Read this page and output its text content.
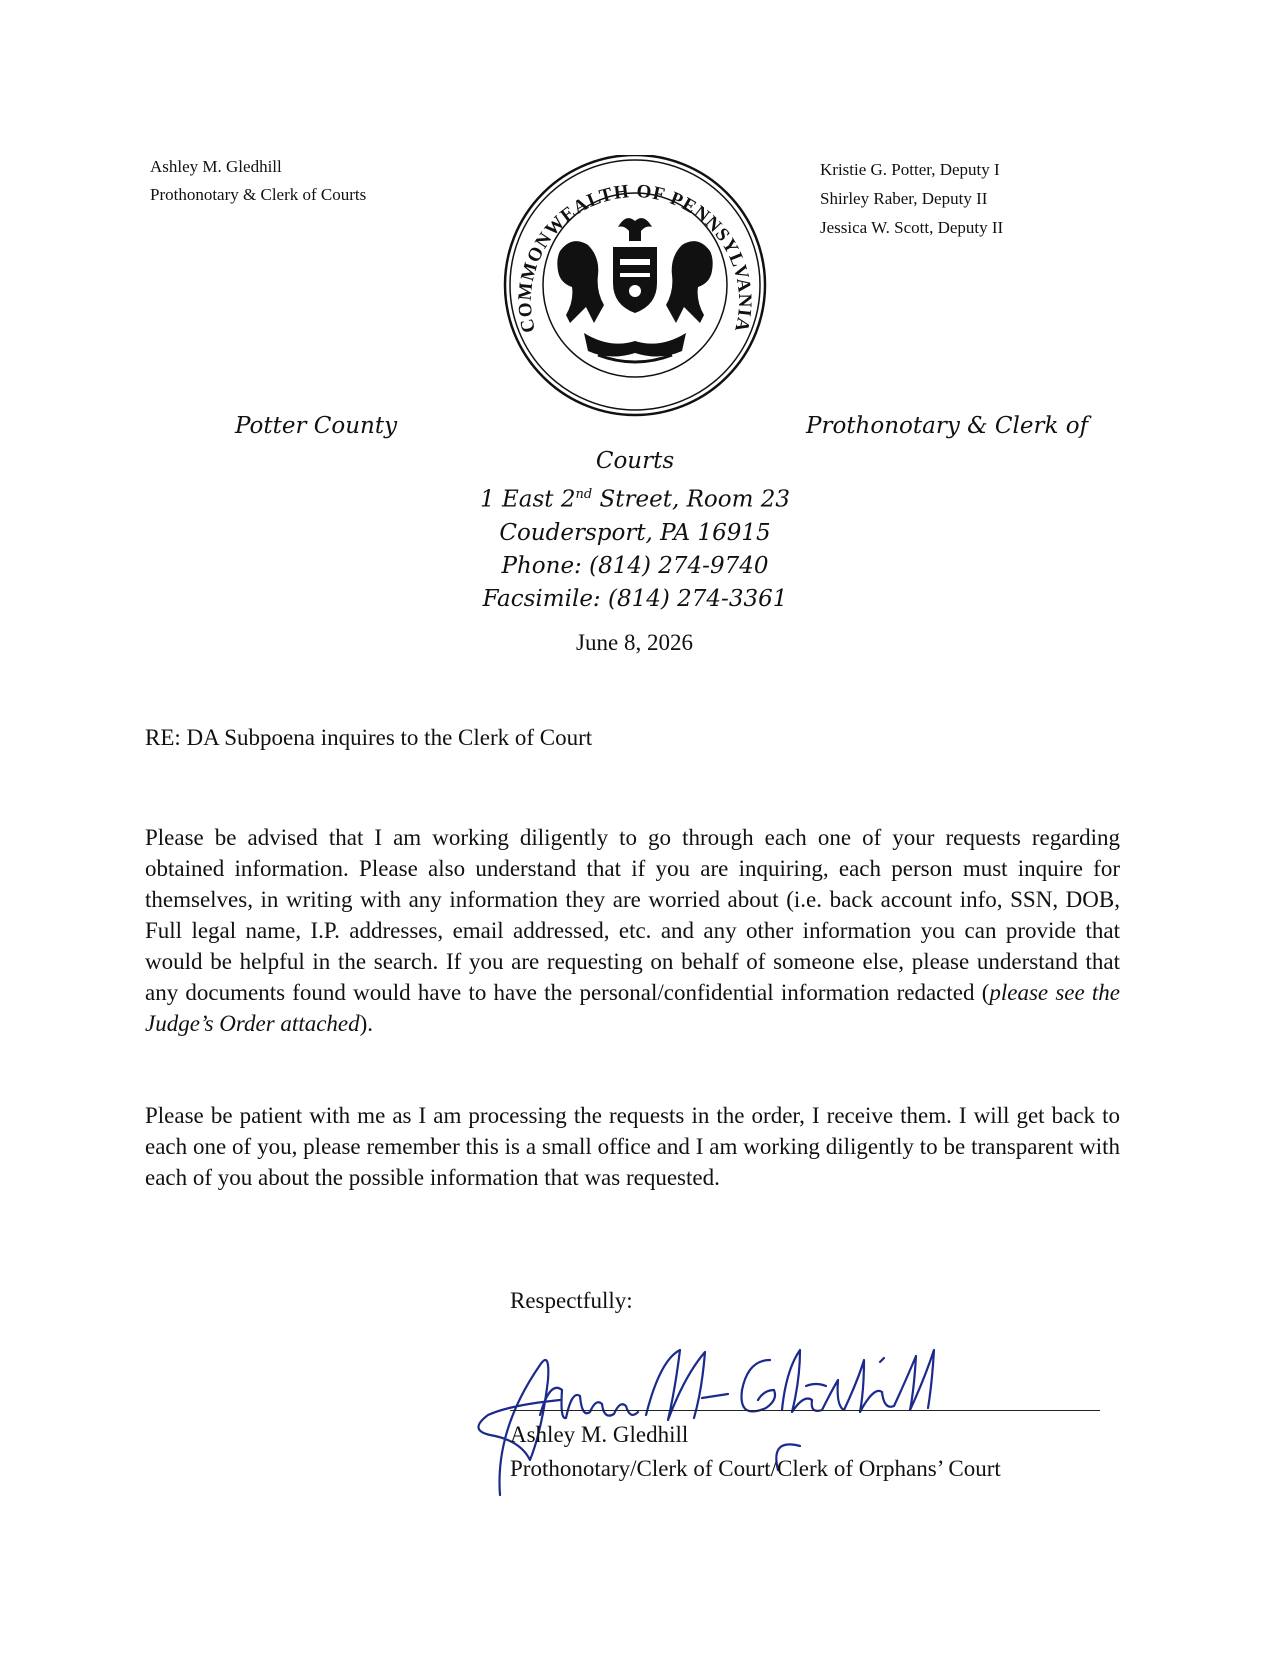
Ashley M. Gledhill
Prothonotary & Clerk of Courts
COMMONWEALTH OF PENNSYLVANIA
Kristie G. Potter, Deputy I
Shirley Raber, Deputy II
Jessica W. Scott, Deputy II
Potter County	Prothonotary & Clerk of
Courts
1 East 2nd Street, Room 23
Coudersport, PA 16915
Phone: (814) 274-9740
Facsimile: (814) 274-3361
June 8, 2026
RE: DA Subpoena inquires to the Clerk of Court
Please be advised that I am working diligently to go through each one of your requests regarding obtained information. Please also understand that if you are inquiring, each person must inquire for themselves, in writing with any information they are worried about (i.e. back account info, SSN, DOB, Full legal name, I.P. addresses, email addressed, etc. and any other information you can provide that would be helpful in the search. If you are requesting on behalf of someone else, please understand that any documents found would have to have the personal/confidential information redacted (please see the Judge’s Order attached).
Please be patient with me as I am processing the requests in the order, I receive them. I will get back to each one of you, please remember this is a small office and I am working diligently to be transparent with each of you about the possible information that was requested.
Respectfully:
Ashley M. Gledhill
Prothonotary/Clerk of Court/Clerk of Orphans’ Court
